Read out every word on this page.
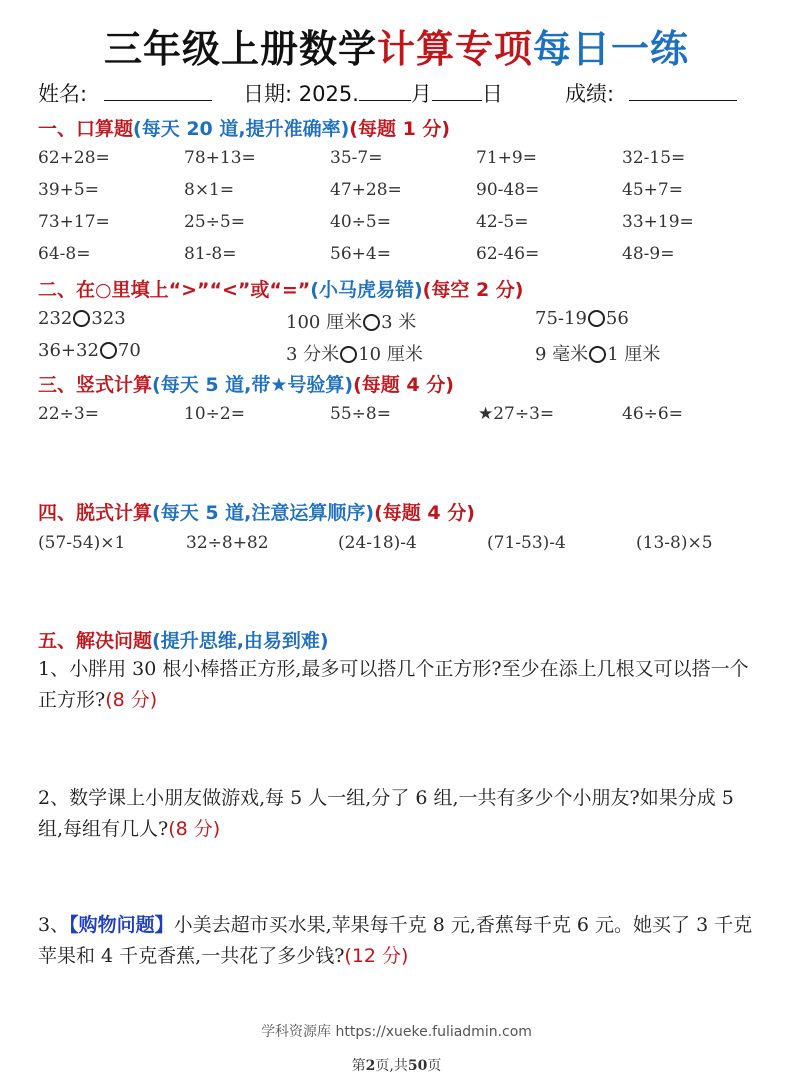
三年级上册数学计算专项每日一练
姓名:	日期: 2025. 月 日	成绩:
一、口算题(每天 20 道,提升准确率)(每题 1 分)
62+28=	78+13=	35-7=	71+9=	32-15=
39+5=	8×1=	47+28=	90-48=	45+7=
73+17=	25÷5=	40÷5=	42-5=	33+19=
64-8=	81-8=	56+4=	62-46=	48-9=
二、在○里填上“>”“<”或“=”(小马虎易错)(每空 2 分)
232 323	100 厘米 3 米	75-19 56
36+32 70	3 分米 10 厘米	9 毫米 1 厘米
三、竖式计算(每天 5 道,带★号验算)(每题 4 分)
22÷3=	10÷2=	55÷8=	★27÷3=	46÷6=
四、脱式计算(每天 5 道,注意运算顺序)(每题 4 分)
(57-54)×1	32÷8+82	(24-18)-4	(71-53)-4	(13-8)×5
五、解决问题(提升思维,由易到难)
1、小胖用 30 根小棒搭正方形,最多可以搭几个正方形?至少在添上几根又可以搭一个正方形?(8 分)
2、数学课上小朋友做游戏,每 5 人一组,分了 6 组,一共有多少个小朋友?如果分成 5 组,每组有几人?(8 分)
3、【购物问题】小美去超市买水果,苹果每千克 8 元,香蕉每千克 6 元。她买了 3 千克苹果和 4 千克香蕉,一共花了多少钱?(12 分)
学科资源库 https://xueke.fuliadmin.com
第2页,共50页
